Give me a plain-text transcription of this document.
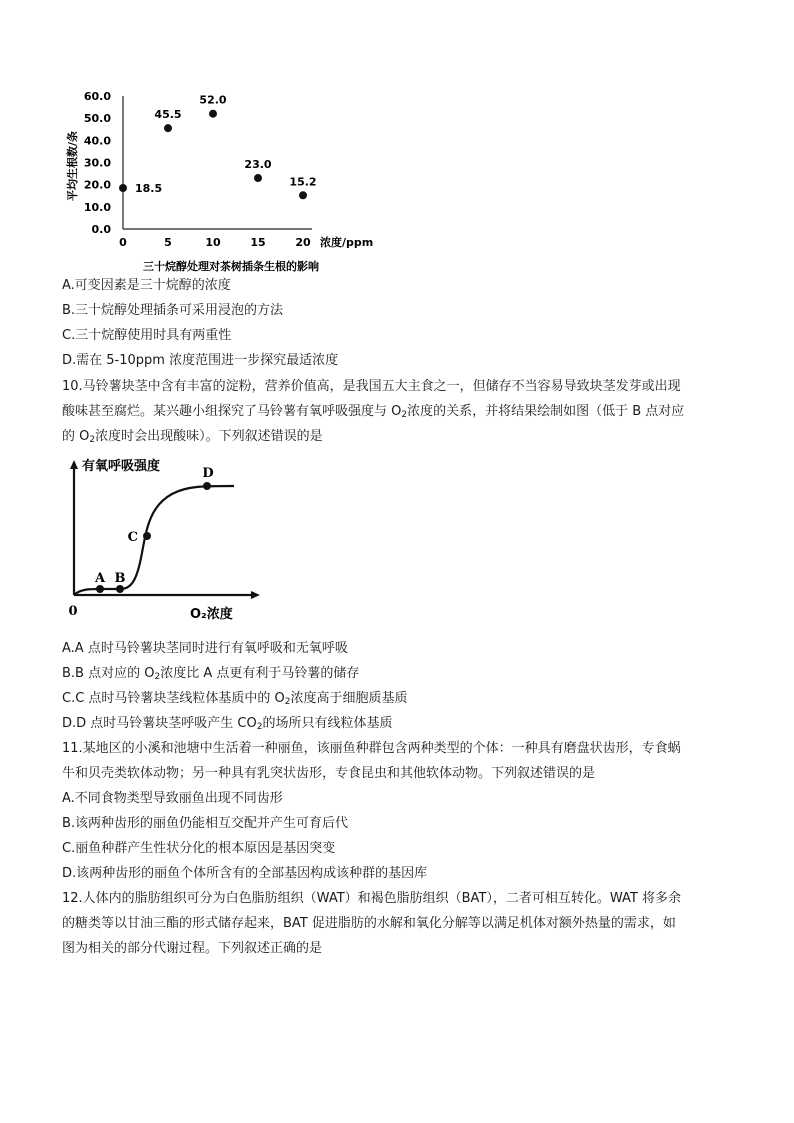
0.0
10.0
20.0
30.0
40.0
50.0
60.0
0	5	10	15	20
18.5
45.5
52.0
23.0
15.2
平均生根数/条
浓度/ppm
三十烷醇处理对茶树插条生根的影响
A.可变因素是三十烷醇的浓度
B.三十烷醇处理插条可采用浸泡的方法
C.三十烷醇使用时具有两重性
D.需在 5-10ppm 浓度范围进一步探究最适浓度
10.马铃薯块茎中含有丰富的淀粉，营养价值高，是我国五大主食之一，但储存不当容易导致块茎发芽或出现
酸味甚至腐烂。某兴趣小组探究了马铃薯有氧呼吸强度与 $O_2$浓度的关系，并将结果绘制如图（低于 B 点对应
的 $O_2$浓度时会出现酸味）。下列叙述错误的是
A B
C
D
有氧呼吸强度
0	O₂浓度
A.A 点时马铃薯块茎同时进行有氧呼吸和无氧呼吸
B.B 点对应的 $O_2$浓度比 A 点更有利于马铃薯的储存
C.C 点时马铃薯块茎线粒体基质中的 $O_2$浓度高于细胞质基质
D.D 点时马铃薯块茎呼吸产生 $CO_2$的场所只有线粒体基质
11.某地区的小溪和池塘中生活着一种丽鱼，该丽鱼种群包含两种类型的个体：一种具有磨盘状齿形，专食蜗
牛和贝壳类软体动物；另一种具有乳突状齿形，专食昆虫和其他软体动物。下列叙述错误的是
A.不同食物类型导致丽鱼出现不同齿形
B.该两种齿形的丽鱼仍能相互交配并产生可育后代
C.丽鱼种群产生性状分化的根本原因是基因突变
D.该两种齿形的丽鱼个体所含有的全部基因构成该种群的基因库
12.人体内的脂肪组织可分为白色脂肪组织（WAT）和褐色脂肪组织（BAT），二者可相互转化。WAT 将多余
的糖类等以甘油三酯的形式储存起来，BAT 促进脂肪的水解和氧化分解等以满足机体对额外热量的需求，如
图为相关的部分代谢过程。下列叙述正确的是
